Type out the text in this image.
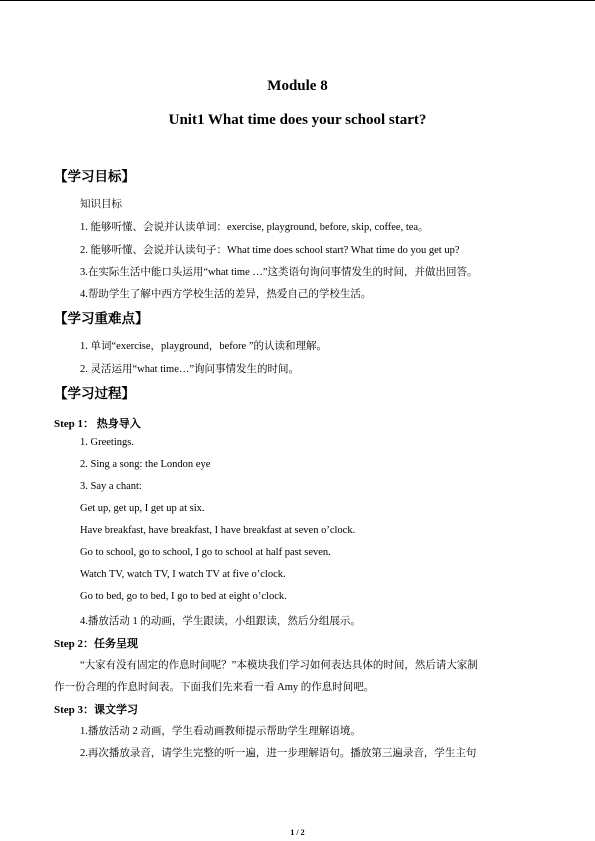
Module 8
Unit1 What time does your school start?
【学习目标】
知识目标
1. 能够听懂、会说并认读单词：exercise, playground, before, skip, coffee, tea。
2. 能够听懂、会说并认读句子：What time does school start? What time do you get up?
3.在实际生活中能口头运用“what time …”这类语句询问事情发生的时间，并做出回答。
4.帮助学生了解中西方学校生活的差异，热爱自己的学校生活。
【学习重难点】
1. 单词“exercise，playground，before ”的认读和理解。
2. 灵活运用“what time…”询问事情发生的时间。
【学习过程】
Step 1： 热身导入
1. Greetings.
2. Sing a song: the London eye
3. Say a chant:
Get up, get up, I get up at six.
Have breakfast, have breakfast, I have breakfast at seven o’clock.
Go to school, go to school, I go to school at half past seven.
Watch TV, watch TV, I watch TV at five o’clock.
Go to bed, go to bed, I go to bed at eight o’clock.
4.播放活动 1 的动画，学生跟读，小组跟读，然后分组展示。
Step 2：任务呈现
“大家有没有固定的作息时间呢？”本模块我们学习如何表达具体的时间，然后请大家制
作一份合理的作息时间表。下面我们先来看一看 Amy 的作息时间吧。
Step 3：课文学习
1.播放活动 2 动画，学生看动画教师提示帮助学生理解语境。
2.再次播放录音，请学生完整的听一遍，进一步理解语句。播放第三遍录音，学生主句
1 / 2
